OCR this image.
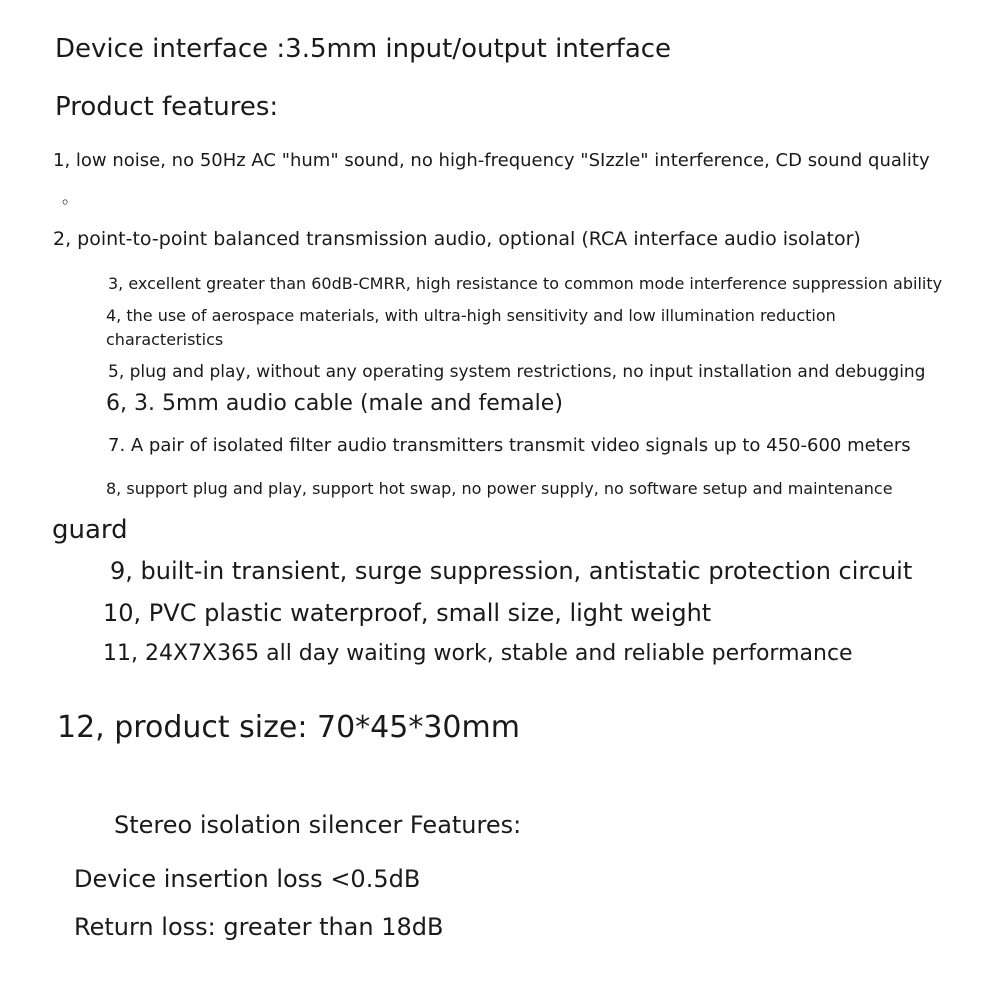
Device interface :3.5mm input/output interface
Product features:
1, low noise, no 50Hz AC "hum" sound, no high-frequency "SIzzle" interference, CD sound quality
。
2, point-to-point balanced transmission audio, optional (RCA interface audio isolator)
3, excellent greater than 60dB-CMRR, high resistance to common mode interference suppression ability
4, the use of aerospace materials, with ultra-high sensitivity and low illumination reduction
characteristics
5, plug and play, without any operating system restrictions, no input installation and debugging
6, 3. 5mm audio cable (male and female)
7. A pair of isolated filter audio transmitters transmit video signals up to 450-600 meters
8, support plug and play, support hot swap, no power supply, no software setup and maintenance
guard
9, built-in transient, surge suppression, antistatic protection circuit
10, PVC plastic waterproof, small size, light weight
11, 24X7X365 all day waiting work, stable and reliable performance
12, product size: 70*45*30mm
Stereo isolation silencer Features:
Device insertion loss <0.5dB
Return loss: greater than 18dB
